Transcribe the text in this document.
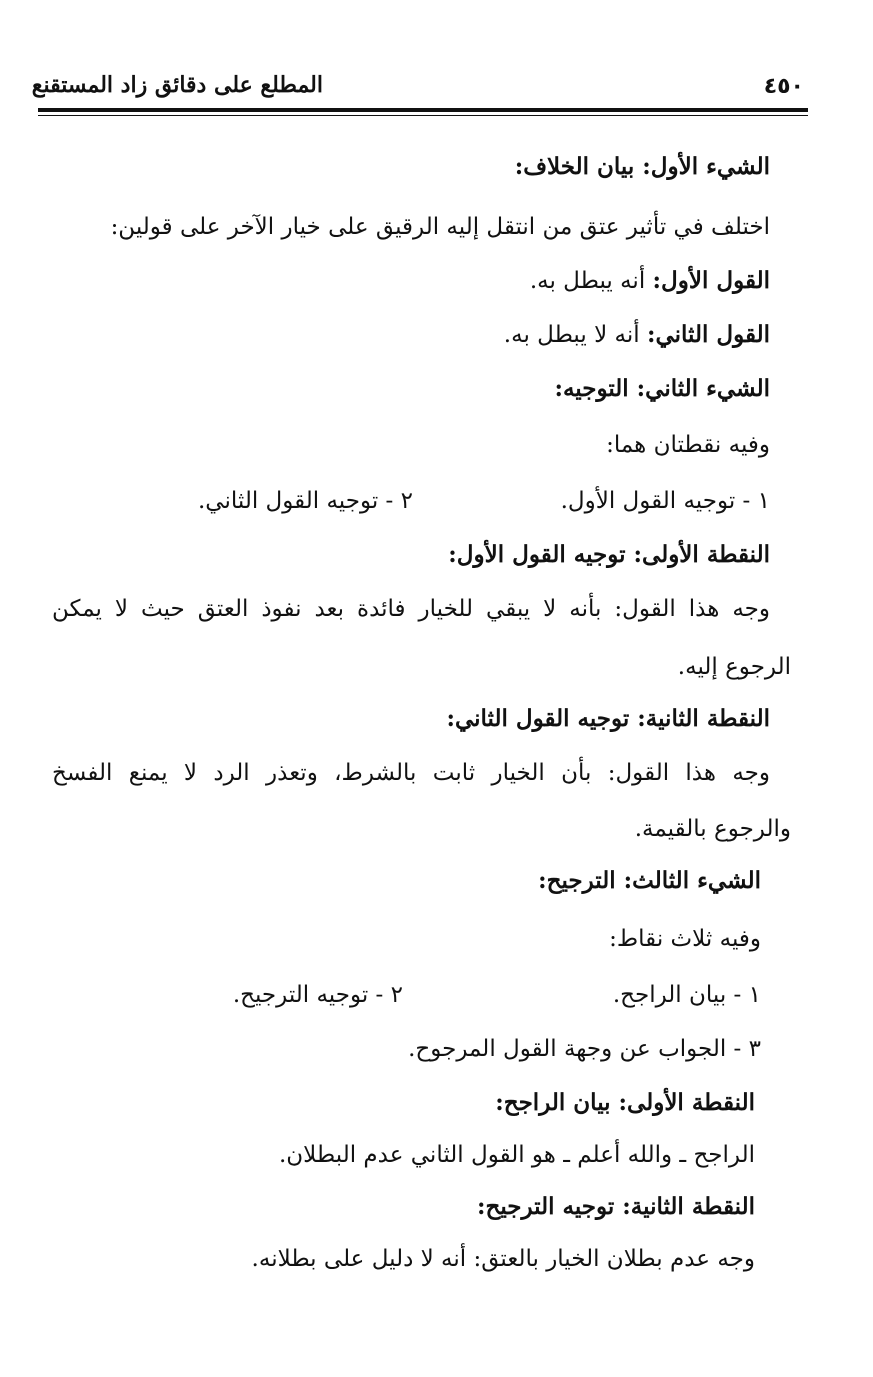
المطلع على دقائق زاد المستقنع	٤٥٠
الشيء الأول: بيان الخلاف:
اختلف في تأثير عتق من انتقل إليه الرقيق على خيار الآخر على قولين:
القول الأول: أنه يبطل به.
القول الثاني: أنه لا يبطل به.
الشيء الثاني: التوجيه:
وفيه نقطتان هما:
١ - توجيه القول الأول.
٢ - توجيه القول الثاني.
النقطة الأولى: توجيه القول الأول:
وجه هذا القول: بأنه لا يبقي للخيار فائدة بعد نفوذ العتق حيث لا يمكن
الرجوع إليه.
النقطة الثانية: توجيه القول الثاني:
وجه هذا القول: بأن الخيار ثابت بالشرط، وتعذر الرد لا يمنع الفسخ
والرجوع بالقيمة.
الشيء الثالث: الترجيح:
وفيه ثلاث نقاط:
١ - بيان الراجح.
٢ - توجيه الترجيح.
٣ - الجواب عن وجهة القول المرجوح.
النقطة الأولى: بيان الراجح:
الراجح ـ والله أعلم ـ هو القول الثاني عدم البطلان.
النقطة الثانية: توجيه الترجيح:
وجه عدم بطلان الخيار بالعتق: أنه لا دليل على بطلانه.
